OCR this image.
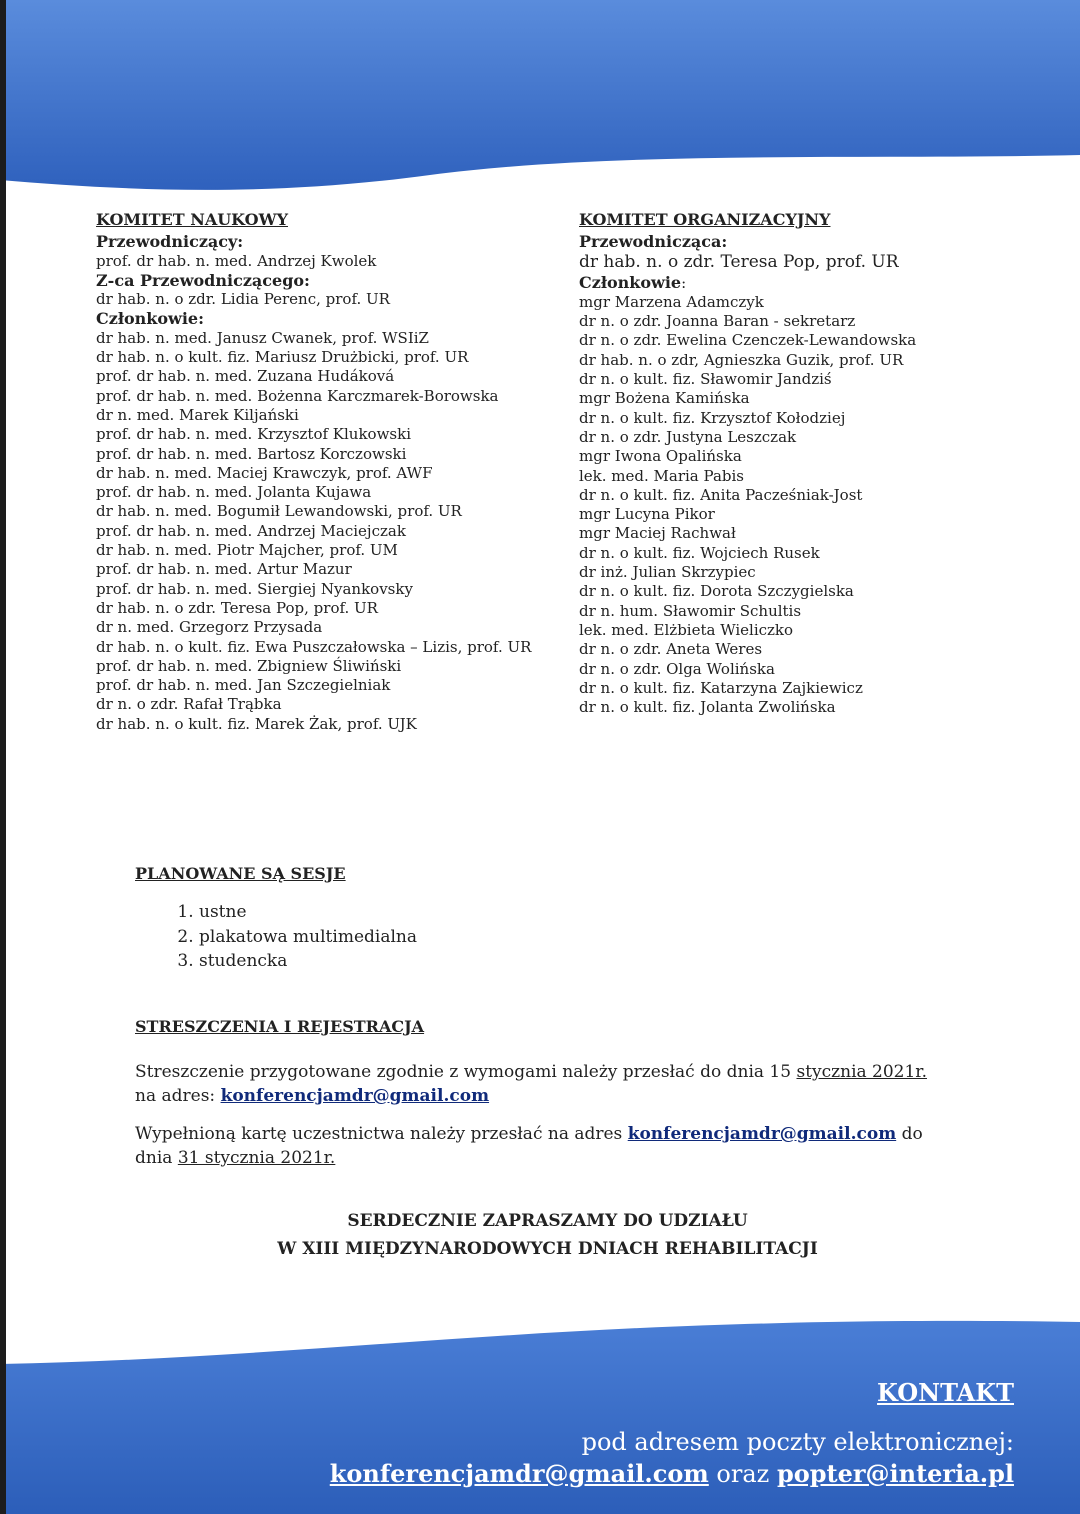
KOMITET NAUKOWY
Przewodniczący:
prof. dr hab. n. med. Andrzej Kwolek
Z-ca Przewodniczącego:
dr hab. n. o zdr. Lidia Perenc, prof. UR
Członkowie:
dr hab. n. med. Janusz Cwanek, prof. WSIiZ
dr hab. n. o kult. fiz. Mariusz Drużbicki, prof. UR
prof. dr hab. n. med. Zuzana Hudáková
prof. dr hab. n. med. Bożenna Karczmarek-Borowska
dr n. med. Marek Kiljański
prof. dr hab. n. med. Krzysztof Klukowski
prof. dr hab. n. med. Bartosz Korczowski
dr hab. n. med. Maciej Krawczyk, prof. AWF
prof. dr hab. n. med. Jolanta Kujawa
dr hab. n. med. Bogumił Lewandowski, prof. UR
prof. dr hab. n. med. Andrzej Maciejczak
dr hab. n. med. Piotr Majcher, prof. UM
prof. dr hab. n. med. Artur Mazur
prof. dr hab. n. med. Siergiej Nyankovsky
dr hab. n. o zdr. Teresa Pop, prof. UR
dr n. med. Grzegorz Przysada
dr hab. n. o kult. fiz. Ewa Puszczałowska – Lizis, prof. UR
prof. dr hab. n. med. Zbigniew Śliwiński
prof. dr hab. n. med. Jan Szczegielniak
dr n. o zdr. Rafał Trąbka
dr hab. n. o kult. fiz. Marek Żak, prof. UJK
KOMITET ORGANIZACYJNY
Przewodnicząca:
dr hab. n. o zdr. Teresa Pop, prof. UR
Członkowie:
mgr Marzena Adamczyk
dr n. o zdr. Joanna Baran - sekretarz
dr n. o zdr. Ewelina Czenczek-Lewandowska
dr hab. n. o zdr, Agnieszka Guzik, prof. UR
dr n. o kult. fiz. Sławomir Jandziś
mgr Bożena Kamińska
dr n. o kult. fiz. Krzysztof Kołodziej
dr n. o zdr. Justyna Leszczak
mgr Iwona Opalińska
lek. med. Maria Pabis
dr n. o kult. fiz. Anita Pacześniak-Jost
mgr Lucyna Pikor
mgr Maciej Rachwał
dr n. o kult. fiz. Wojciech Rusek
dr inż. Julian Skrzypiec
dr n. o kult. fiz. Dorota Szczygielska
dr n. hum. Sławomir Schultis
lek. med. Elżbieta Wieliczko
dr n. o zdr. Aneta Weres
dr n. o zdr. Olga Wolińska
dr n. o kult. fiz. Katarzyna Zajkiewicz
dr n. o kult. fiz. Jolanta Zwolińska
PLANOWANE SĄ SESJE
1. ustne
2. plakatowa multimedialna
3. studencka
STRESZCZENIA I REJESTRACJA
Streszczenie przygotowane zgodnie z wymogami należy przesłać do dnia 15 stycznia 2021r.
na adres: konferencjamdr@gmail.com
Wypełnioną kartę uczestnictwa należy przesłać na adres konferencjamdr@gmail.com do dnia 31 stycznia 2021r.
SERDECZNIE ZAPRASZAMY DO UDZIAŁU
W XIII MIĘDZYNARODOWYCH DNIACH REHABILITACJI
KONTAKT
pod adresem poczty elektronicznej:
konferencjamdr@gmail.com oraz popter@interia.pl
